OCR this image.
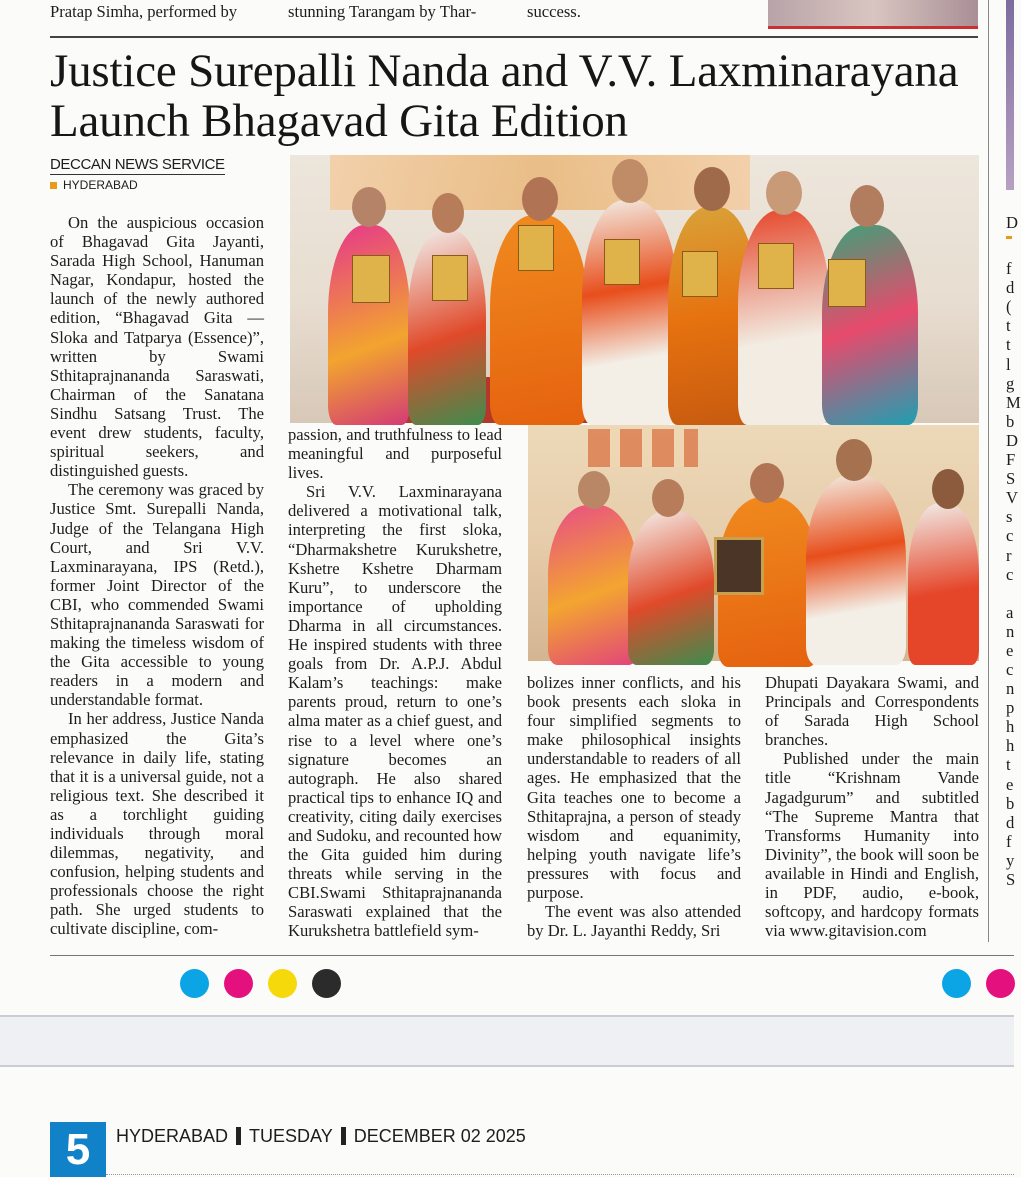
Pratap Simha, performed by	stunning Tarangam by Thar-	success.
D
f
d
(
t
t
l
g
M
b
D
F
S
V
s
c
r
c
a
n
e
c
n
p
h
h
t
e
b
d
f
y
S
Justice Surepalli Nanda and V.V. Laxminarayana
Launch Bhagavad Gita Edition
DECCAN NEWS SERVICE
HYDERABAD

On the auspicious occasion of Bhagavad Gita Jayanti, Sarada High School, Hanuman Nagar, Kondapur, hosted the launch of the newly authored edition, “Bhagavad Gita — Sloka and Tatparya (Essence)”, written by Swami Sthitaprajnananda Saraswati, Chairman of the Sanatana Sindhu Satsang Trust. The event drew students, faculty, spiritual seekers, and distinguished guests.

The ceremony was graced by Justice Smt. Surepalli Nanda, Judge of the Telangana High Court, and Sri V.V. Laxminarayana, IPS (Retd.), former Joint Director of the CBI, who commended Swami Sthitaprajnananda Saraswati for making the timeless wisdom of the Gita accessible to young readers in a modern and understandable format.

In her address, Justice Nanda emphasized the Gita’s relevance in daily life, stating that it is a universal guide, not a religious text. She described it as a torchlight guiding individuals through moral dilemmas, negativity, and confusion, helping students and professionals choose the right path. She urged students to cultivate discipline, com-

passion, and truthfulness to lead meaningful and purposeful lives.

Sri V.V. Laxminarayana delivered a motivational talk, interpreting the first sloka, “Dharmakshetre Kurukshetre, Kshetre Kshetre Dharmam Kuru”, to underscore the importance of upholding Dharma in all circumstances. He inspired students with three goals from Dr. A.P.J. Abdul Kalam’s teachings: make parents proud, return to one’s alma mater as a chief guest, and rise to a level where one’s signature becomes an autograph. He also shared practical tips to enhance IQ and creativity, citing daily exercises and Sudoku, and recounted how the Gita guided him during threats while serving in the CBI.Swami Sthitaprajnananda Saraswati explained that the Kurukshetra battlefield sym-

bolizes inner conflicts, and his book presents each sloka in four simplified segments to make philosophical insights understandable to readers of all ages. He emphasized that the Gita teaches one to become a Sthitaprajna, a person of steady wisdom and equanimity, helping youth navigate life’s pressures with focus and purpose.

The event was also attended by Dr. L. Jayanthi Reddy, Sri

Dhupati Dayakara Swami, and Principals and Correspondents of Sarada High School branches.

Published under the main title “Krishnam Vande Jagadgurum” and subtitled “The Supreme Mantra that Transforms Humanity into Divinity”, the book will soon be available in Hindi and English, in PDF, audio, e-book, softcopy, and hardcopy formats via www.gitavision.com

5	HYDERABAD TUESDAY DECEMBER 02 2025
